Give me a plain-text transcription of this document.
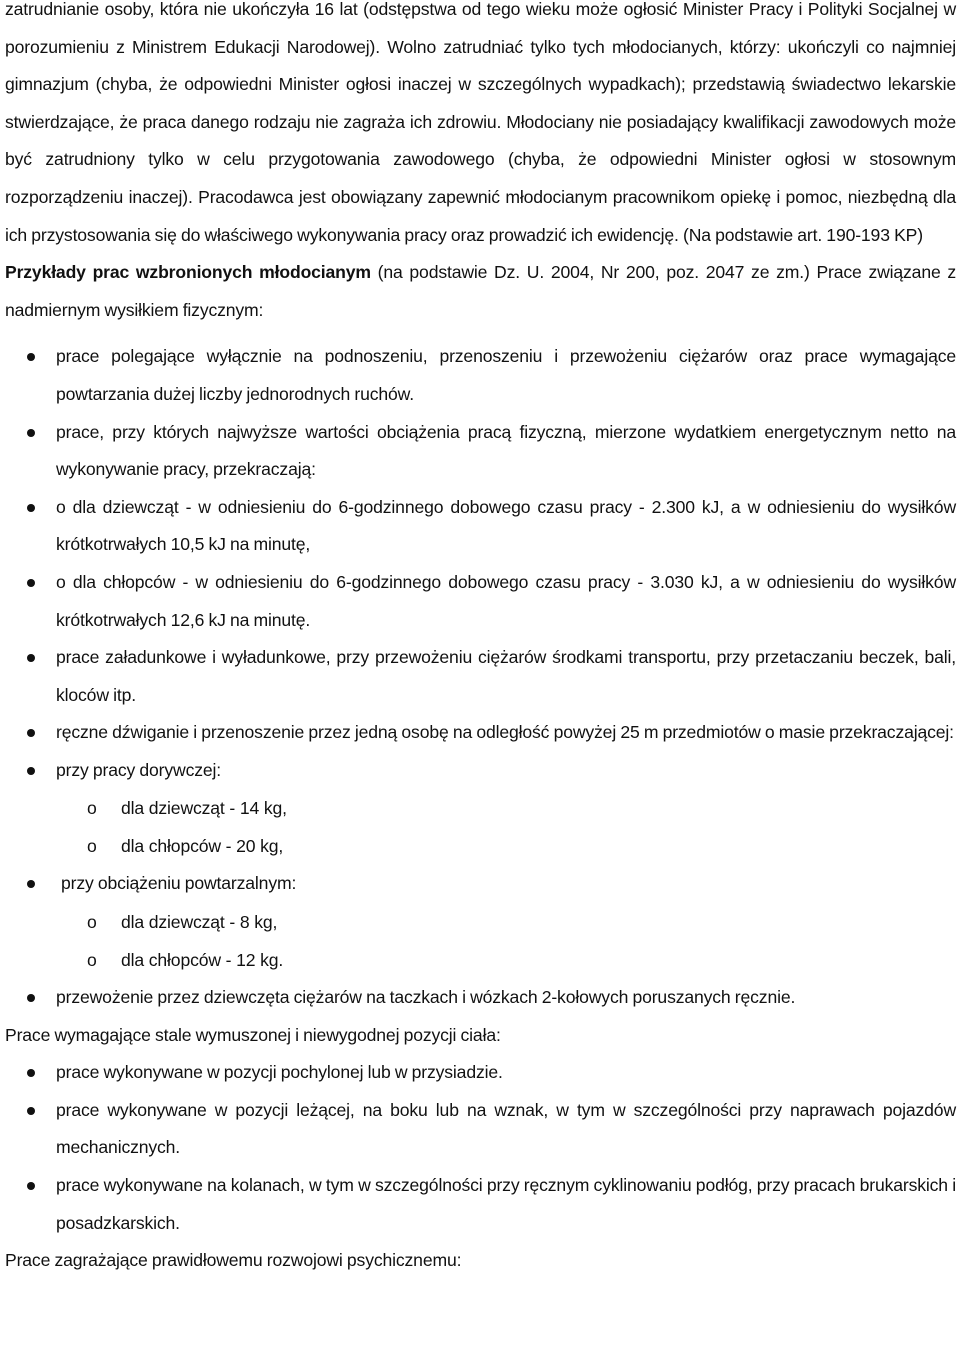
zatrudnianie osoby, która nie ukończyła 16 lat (odstępstwa od tego wieku może ogłosić Minister Pracy i Polityki Socjalnej w porozumieniu z Ministrem Edukacji Narodowej). Wolno zatrudniać tylko tych młodocianych, którzy: ukończyli co najmniej gimnazjum (chyba, że odpowiedni Minister ogłosi inaczej w szczególnych wypadkach); przedstawią świadectwo lekarskie stwierdzające, że praca danego rodzaju nie zagraża ich zdrowiu. Młodociany nie posiadający kwalifikacji zawodowych może być zatrudniony tylko w celu przygotowania zawodowego (chyba, że odpowiedni Minister ogłosi w stosownym rozporządzeniu inaczej). Pracodawca jest obowiązany zapewnić młodocianym pracownikom opiekę i pomoc, niezbędną dla ich przystosowania się do właściwego wykonywania pracy oraz prowadzić ich ewidencję. (Na podstawie art. 190-193 KP)

Przykłady prac wzbronionych młodocianym (na podstawie Dz. U. 2004, Nr 200, poz. 2047 ze zm.) Prace związane z nadmiernym wysiłkiem fizycznym:

prace polegające wyłącznie na podnoszeniu, przenoszeniu i przewożeniu ciężarów oraz prace wymagające powtarzania dużej liczby jednorodnych ruchów.
prace, przy których najwyższe wartości obciążenia pracą fizyczną, mierzone wydatkiem energetycznym netto na wykonywanie pracy, przekraczają:
o dla dziewcząt - w odniesieniu do 6-godzinnego dobowego czasu pracy - 2.300 kJ, a w odniesieniu do wysiłków krótkotrwałych 10,5 kJ na minutę,
o dla chłopców - w odniesieniu do 6-godzinnego dobowego czasu pracy - 3.030 kJ, a w odniesieniu do wysiłków krótkotrwałych 12,6 kJ na minutę.
prace załadunkowe i wyładunkowe, przy przewożeniu ciężarów środkami transportu, przy przetaczaniu beczek, bali, kloców itp.
ręczne dźwiganie i przenoszenie przez jedną osobę na odległość powyżej 25 m przedmiotów o masie przekraczającej:
przy pracy dorywczej:
o dla dziewcząt - 14 kg,
o dla chłopców - 20 kg,
przy obciążeniu powtarzalnym:
o dla dziewcząt - 8 kg,
o dla chłopców - 12 kg.
przewożenie przez dziewczęta ciężarów na taczkach i wózkach 2-kołowych poruszanych ręcznie.

Prace wymagające stale wymuszonej i niewygodnej pozycji ciała:

prace wykonywane w pozycji pochylonej lub w przysiadzie.
prace wykonywane w pozycji leżącej, na boku lub na wznak, w tym w szczególności przy naprawach pojazdów mechanicznych.
prace wykonywane na kolanach, w tym w szczególności przy ręcznym cyklinowaniu podłóg, przy pracach brukarskich i posadzkarskich.

Prace zagrażające prawidłowemu rozwojowi psychicznemu:
